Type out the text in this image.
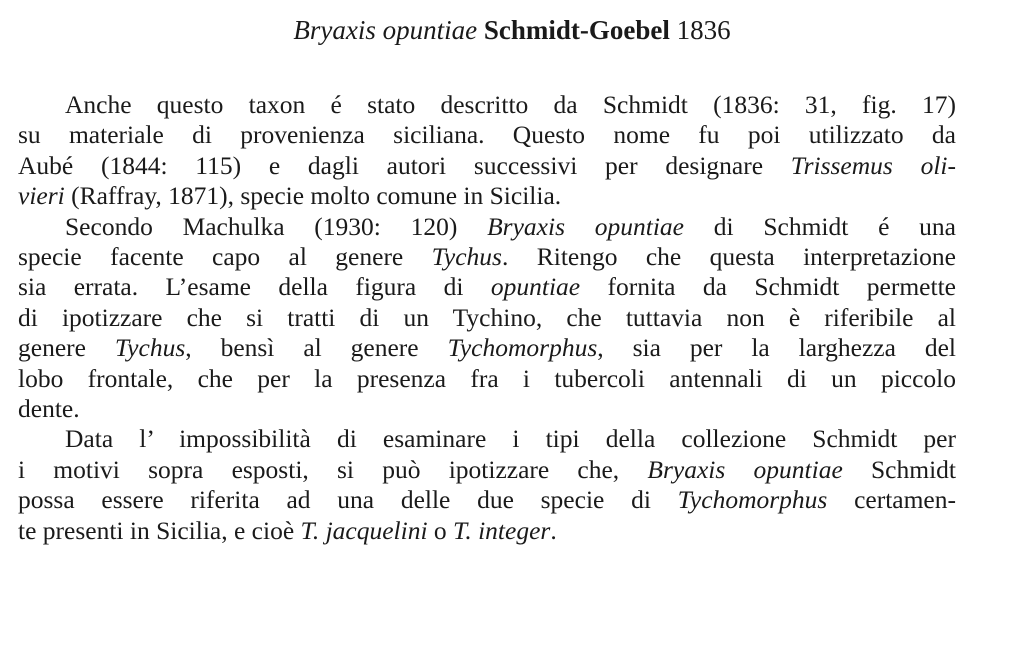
Bryaxis opuntiae Schmidt-Goebel 1836
Anche questo taxon é stato descritto da Schmidt (1836: 31, fig. 17)
su materiale di provenienza siciliana. Questo nome fu poi utilizzato da
Aubé (1844: 115) e dagli autori successivi per designare Trissemus oli-
vieri (Raffray, 1871), specie molto comune in Sicilia.
Secondo Machulka (1930: 120) Bryaxis opuntiae di Schmidt é una
specie facente capo al genere Tychus. Ritengo che questa interpretazione
sia errata. L’esame della figura di opuntiae fornita da Schmidt permette
di ipotizzare che si tratti di un Tychino, che tuttavia non è riferibile al
genere Tychus, bensì al genere Tychomorphus, sia per la larghezza del
lobo frontale, che per la presenza fra i tubercoli antennali di un piccolo
dente.
Data l’ impossibilità di esaminare i tipi della collezione Schmidt per
i motivi sopra esposti, si può ipotizzare che, Bryaxis opuntiae Schmidt
possa essere riferita ad una delle due specie di Tychomorphus certamen-
te presenti in Sicilia, e cioè T. jacquelini o T. integer.
